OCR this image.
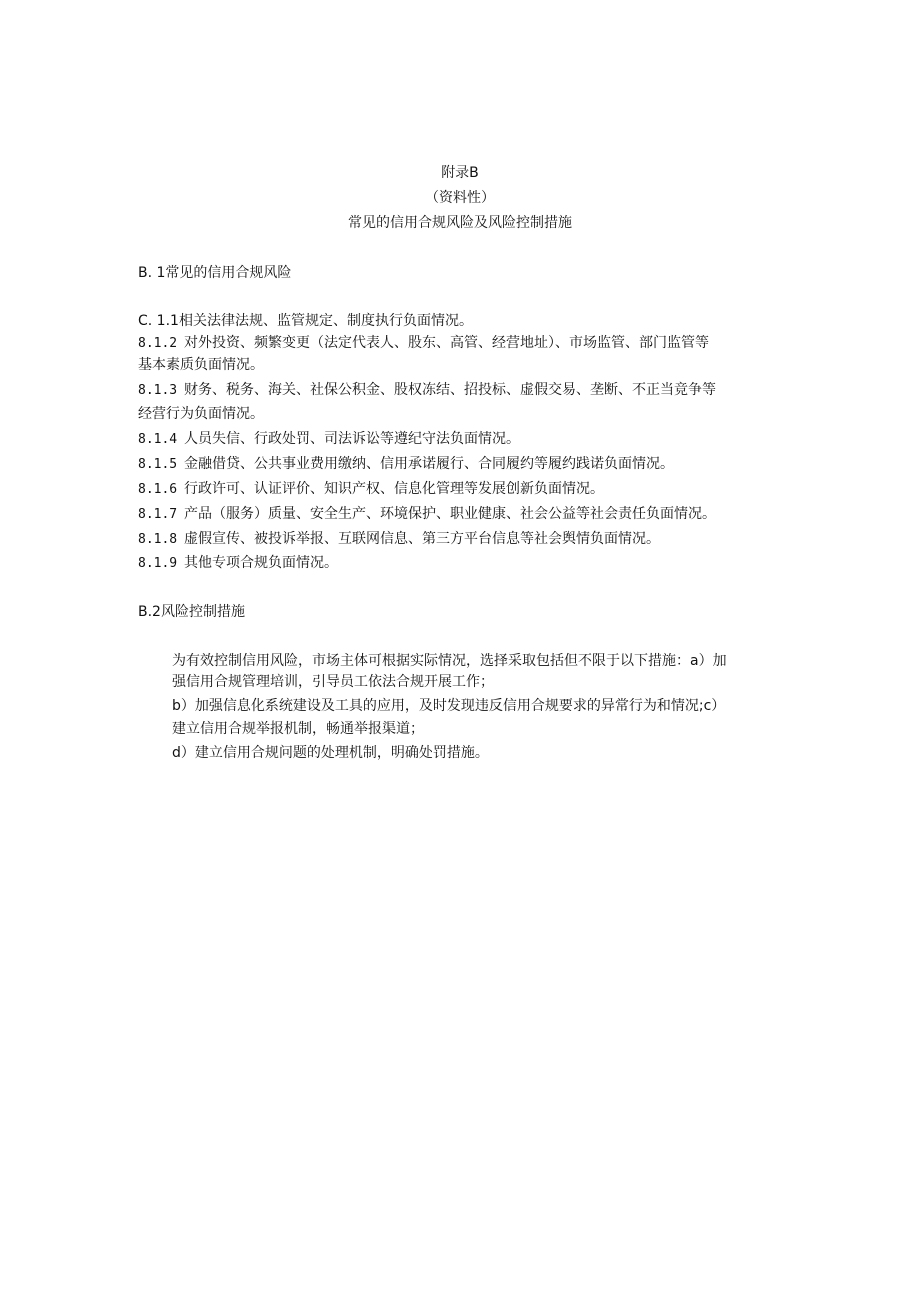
附录B
（资料性）
常见的信用合规风险及风险控制措施
B. 1常见的信用合规风险
C. 1.1相关法律法规、监管规定、制度执行负面情况。
8.1.2 对外投资、频繁变更（法定代表人、股东、高管、经营地址）、市场监管、部门监管等
基本素质负面情况。
8.1.3 财务、税务、海关、社保公积金、股权冻结、招投标、虚假交易、垄断、不正当竞争等
经营行为负面情况。
8.1.4 人员失信、行政处罚、司法诉讼等遵纪守法负面情况。
8.1.5 金融借贷、公共事业费用缴纳、信用承诺履行、合同履约等履约践诺负面情况。
8.1.6 行政许可、认证评价、知识产权、信息化管理等发展创新负面情况。
8.1.7 产品（服务）质量、安全生产、环境保护、职业健康、社会公益等社会责任负面情况。
8.1.8 虚假宣传、被投诉举报、互联网信息、第三方平台信息等社会舆情负面情况。
8.1.9 其他专项合规负面情况。
B.2风险控制措施
为有效控制信用风险，市场主体可根据实际情况，选择采取包括但不限于以下措施：a）加
强信用合规管理培训，引导员工依法合规开展工作；
b）加强信息化系统建设及工具的应用，及时发现违反信用合规要求的异常行为和情况;c）
建立信用合规举报机制，畅通举报渠道；
d）建立信用合规问题的处理机制，明确处罚措施。
